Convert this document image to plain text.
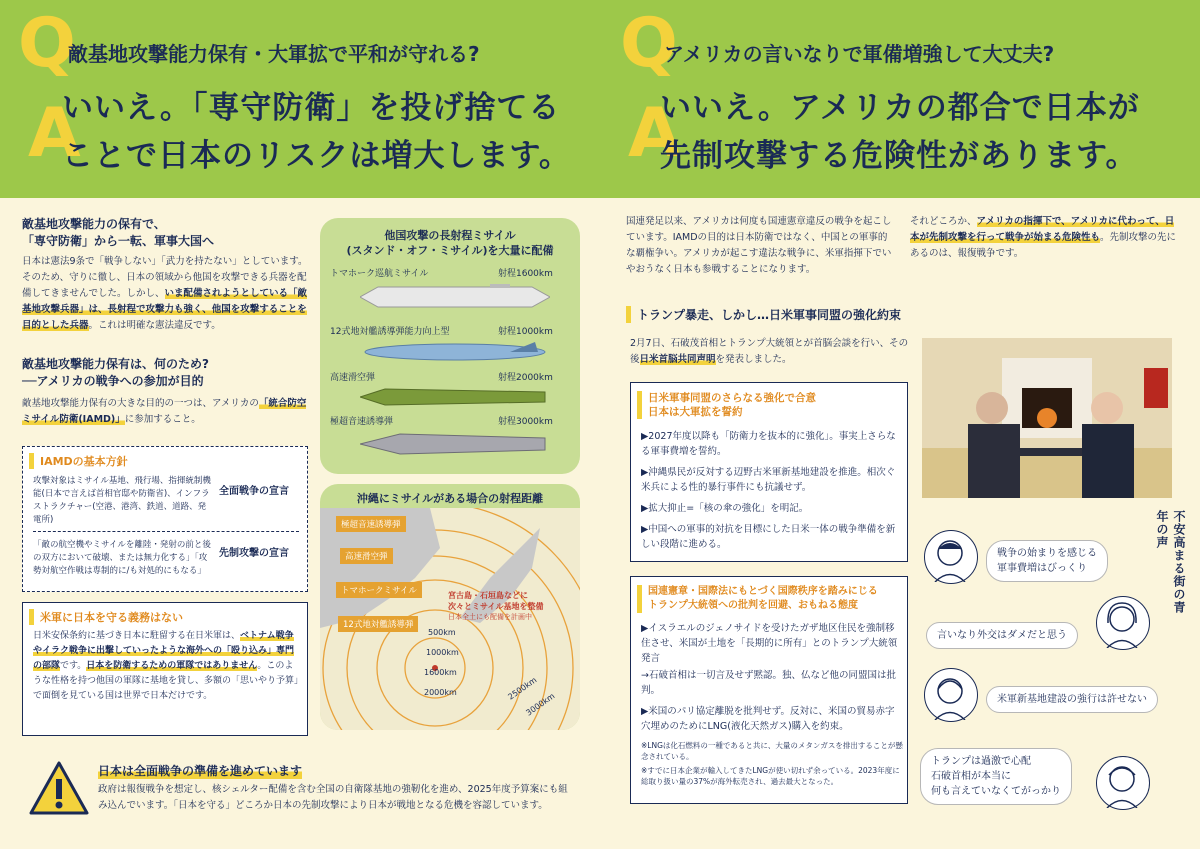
Q
A
敵基地攻撃能力保有・大軍拡で平和が守れる?
いいえ。「専守防衛」を投げ捨てる
ことで日本のリスクは増大します。
Q
A
アメリカの言いなりで軍備増強して大丈夫?
いいえ。アメリカの都合で日本が
先制攻撃する危険性があります。
敵基地攻撃能力の保有で、
「専守防衛」から一転、軍事大国へ
日本は憲法9条で「戦争しない」「武力を持たない」としています。そのため、守りに徹し、日本の領域から他国を攻撃できる兵器を配備してきませんでした。しかし、いま配備されようとしている「敵基地攻撃兵器」は、長射程で攻撃力も強く、他国を攻撃することを目的とした兵器。これは明確な憲法違反です。
敵基地攻撃能力保有は、何のため?
──アメリカの戦争への参加が目的
敵基地攻撃能力保有の大きな目的の一つは、アメリカの「統合防空ミサイル防衛(IAMD)」に参加すること。
IAMDの基本方針
攻撃対象はミサイル基地、飛行場、指揮統制機能(日本で言えば首相官邸や防衛省)、インフラストラクチャー(空港、港湾、鉄道、道路、発電所)
全面戦争の宣言
「敵の航空機やミサイルを離陸・発射の前と後の双方において破壊、または無力化する」「攻勢対航空作戦は専制的に/も対処的にもなる」
先制攻撃の宣言
米軍に日本を守る義務はない
日米安保条約に基づき日本に駐留する在日米軍は、ベトナム戦争やイラク戦争に出撃していったような海外への「殴り込み」専門の部隊です。日本を防衛するための軍隊ではありません。このような性格を持つ他国の軍隊に基地を貸し、多額の「思いやり予算」で面倒を見ている国は世界で日本だけです。
日本は全面戦争の準備を進めています
政府は報復戦争を想定し、核シェルター配備を含む全国の自衛隊基地の強靭化を進め、2025年度予算案にも組み込んでいます。「日本を守る」どころか日本の先制攻撃により日本が戦地となる危機を容認しています。
他国攻撃の長射程ミサイル
(スタンド・オフ・ミサイル)を大量に配備
トマホーク巡航ミサイル	射程1600km
12式地対艦誘導弾能力向上型	射程1000km
高速滑空弾	射程2000km
極超音速誘導弾	射程3000km
沖縄にミサイルがある場合の射程距離
極超音速誘導弾
高速滑空弾
トマホークミサイル
12式地対艦誘導弾
宮古島・石垣島などに
次々とミサイル基地を整備
日本全土にも配備を計画中
500km
1000km
1600km
2000km	2500km
3000km
国連発足以来、アメリカは何度も国連憲章違反の戦争を起こしています。IAMDの目的は日本防衛ではなく、中国との軍事的な覇権争い。アメリカが起こす違法な戦争に、米軍指揮下でいやおうなく日本も参戦することになります。
それどころか、アメリカの指揮下で、アメリカに代わって、日本が先制攻撃を行って戦争が始まる危険性も。先制攻撃の先にあるのは、報復戦争です。
トランプ暴走、しかし…日米軍事同盟の強化約束
2月7日、石破茂首相とトランプ大統領とが首脳会談を行い、その後日米首脳共同声明を発表しました。
日米軍事同盟のさらなる強化で合意
日本は大軍拡を誓約
▶2027年度以降も「防衛力を抜本的に強化」。事実上さらなる軍事費増を誓約。
▶沖縄県民が反対する辺野古米軍新基地建設を推進。相次ぐ米兵による性的暴行事件にも抗議せず。
▶拡大抑止=「核の傘の強化」を明記。
▶中国への軍事的対抗を目標にした日米一体の戦争準備を新しい段階に進める。
国連憲章・国際法にもとづく国際秩序を踏みにじる
トランプ大統領への批判を回避、おもねる態度
▶イスラエルのジェノサイドを受けたガザ地区住民を強制移住させ、米国が土地を「長期的に所有」とのトランプ大統領発言
→石破首相は一切言及せず黙認。独、仏など他の同盟国は批判。
▶米国のパリ協定離脱を批判せず。反対に、米国の貿易赤字穴埋めのためにLNG(液化天然ガス)購入を約束。
※LNGは化石燃料の一種であると共に、大量のメタンガスを排出することが懸念されている。
※すでに日本企業が輸入してきたLNGが使い切れず余っている。2023年度に総取り扱い量の37%が海外転売され、過去最大となった。
不安高まる街の青年の声
戦争の始まりを感じる
軍事費増はびっくり
言いなり外交はダメだと思う
米軍新基地建設の強行は許せない
トランプは過激で心配
石破首相が本当に
何も言えていなくてがっかり
